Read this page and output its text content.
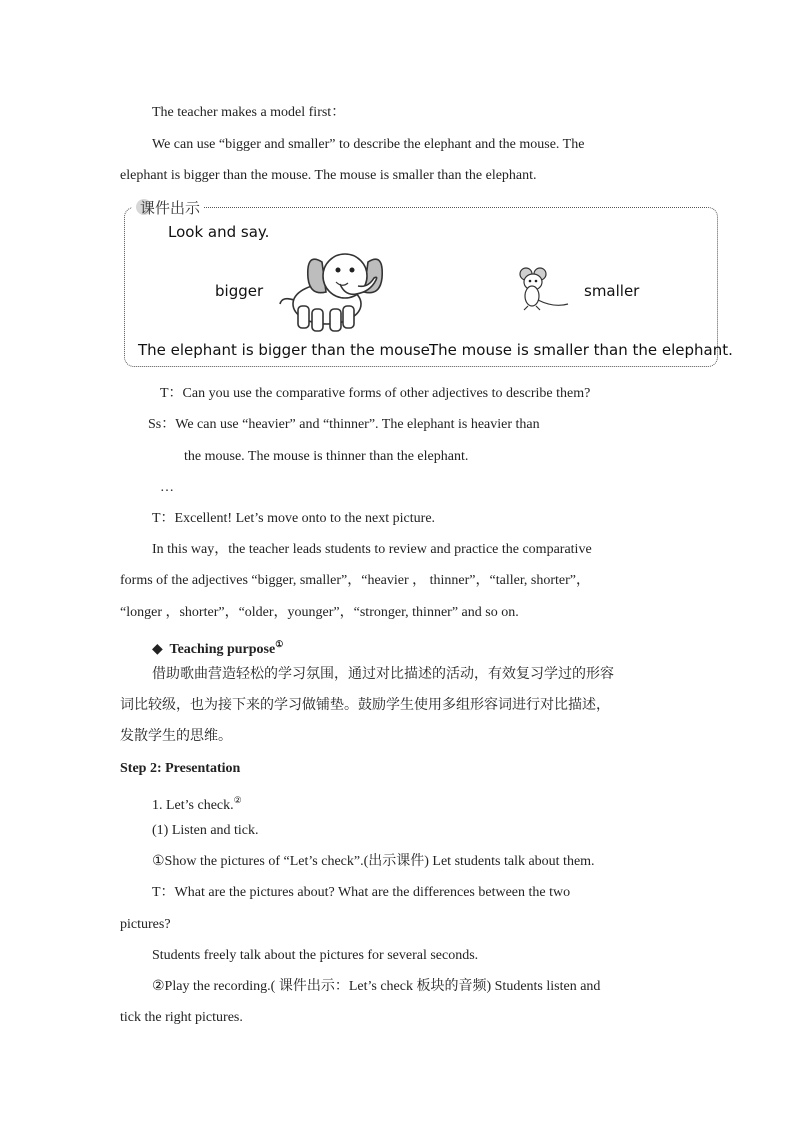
The teacher makes a model first：
We can use “bigger and smaller” to describe the elephant and the mouse. The
elephant is bigger than the mouse. The mouse is smaller than the elephant.
课件出示
Look and say.
bigger	smaller
The elephant is bigger than the mouse.
The mouse is smaller than the elephant.
T：Can you use the comparative forms of other adjectives to describe them?
Ss：We can use “heavier” and “thinner”. The elephant is heavier than
the mouse. The mouse is thinner than the elephant.
…
T：Excellent! Let’s move onto to the next picture.
In this way，the teacher leads students to review and practice the comparative
forms of the adjectives “bigger, smaller”，“heavier ， thinner”，“taller, shorter”，
“longer ，shorter”，“older，younger”，“stronger, thinner” and so on.
◆ Teaching purpose①
借助歌曲营造轻松的学习氛围，通过对比描述的活动，有效复习学过的形容
词比较级，也为接下来的学习做铺垫。鼓励学生使用多组形容词进行对比描述，
发散学生的思维。
Step 2: Presentation
1. Let’s check.②
(1) Listen and tick.
①Show the pictures of “Let’s check”.(出示课件) Let students talk about them.
T：What are the pictures about? What are the differences between the two
pictures?
Students freely talk about the pictures for several seconds.
②Play the recording.( 课件出示：Let’s check 板块的音频) Students listen and
tick the right pictures.
